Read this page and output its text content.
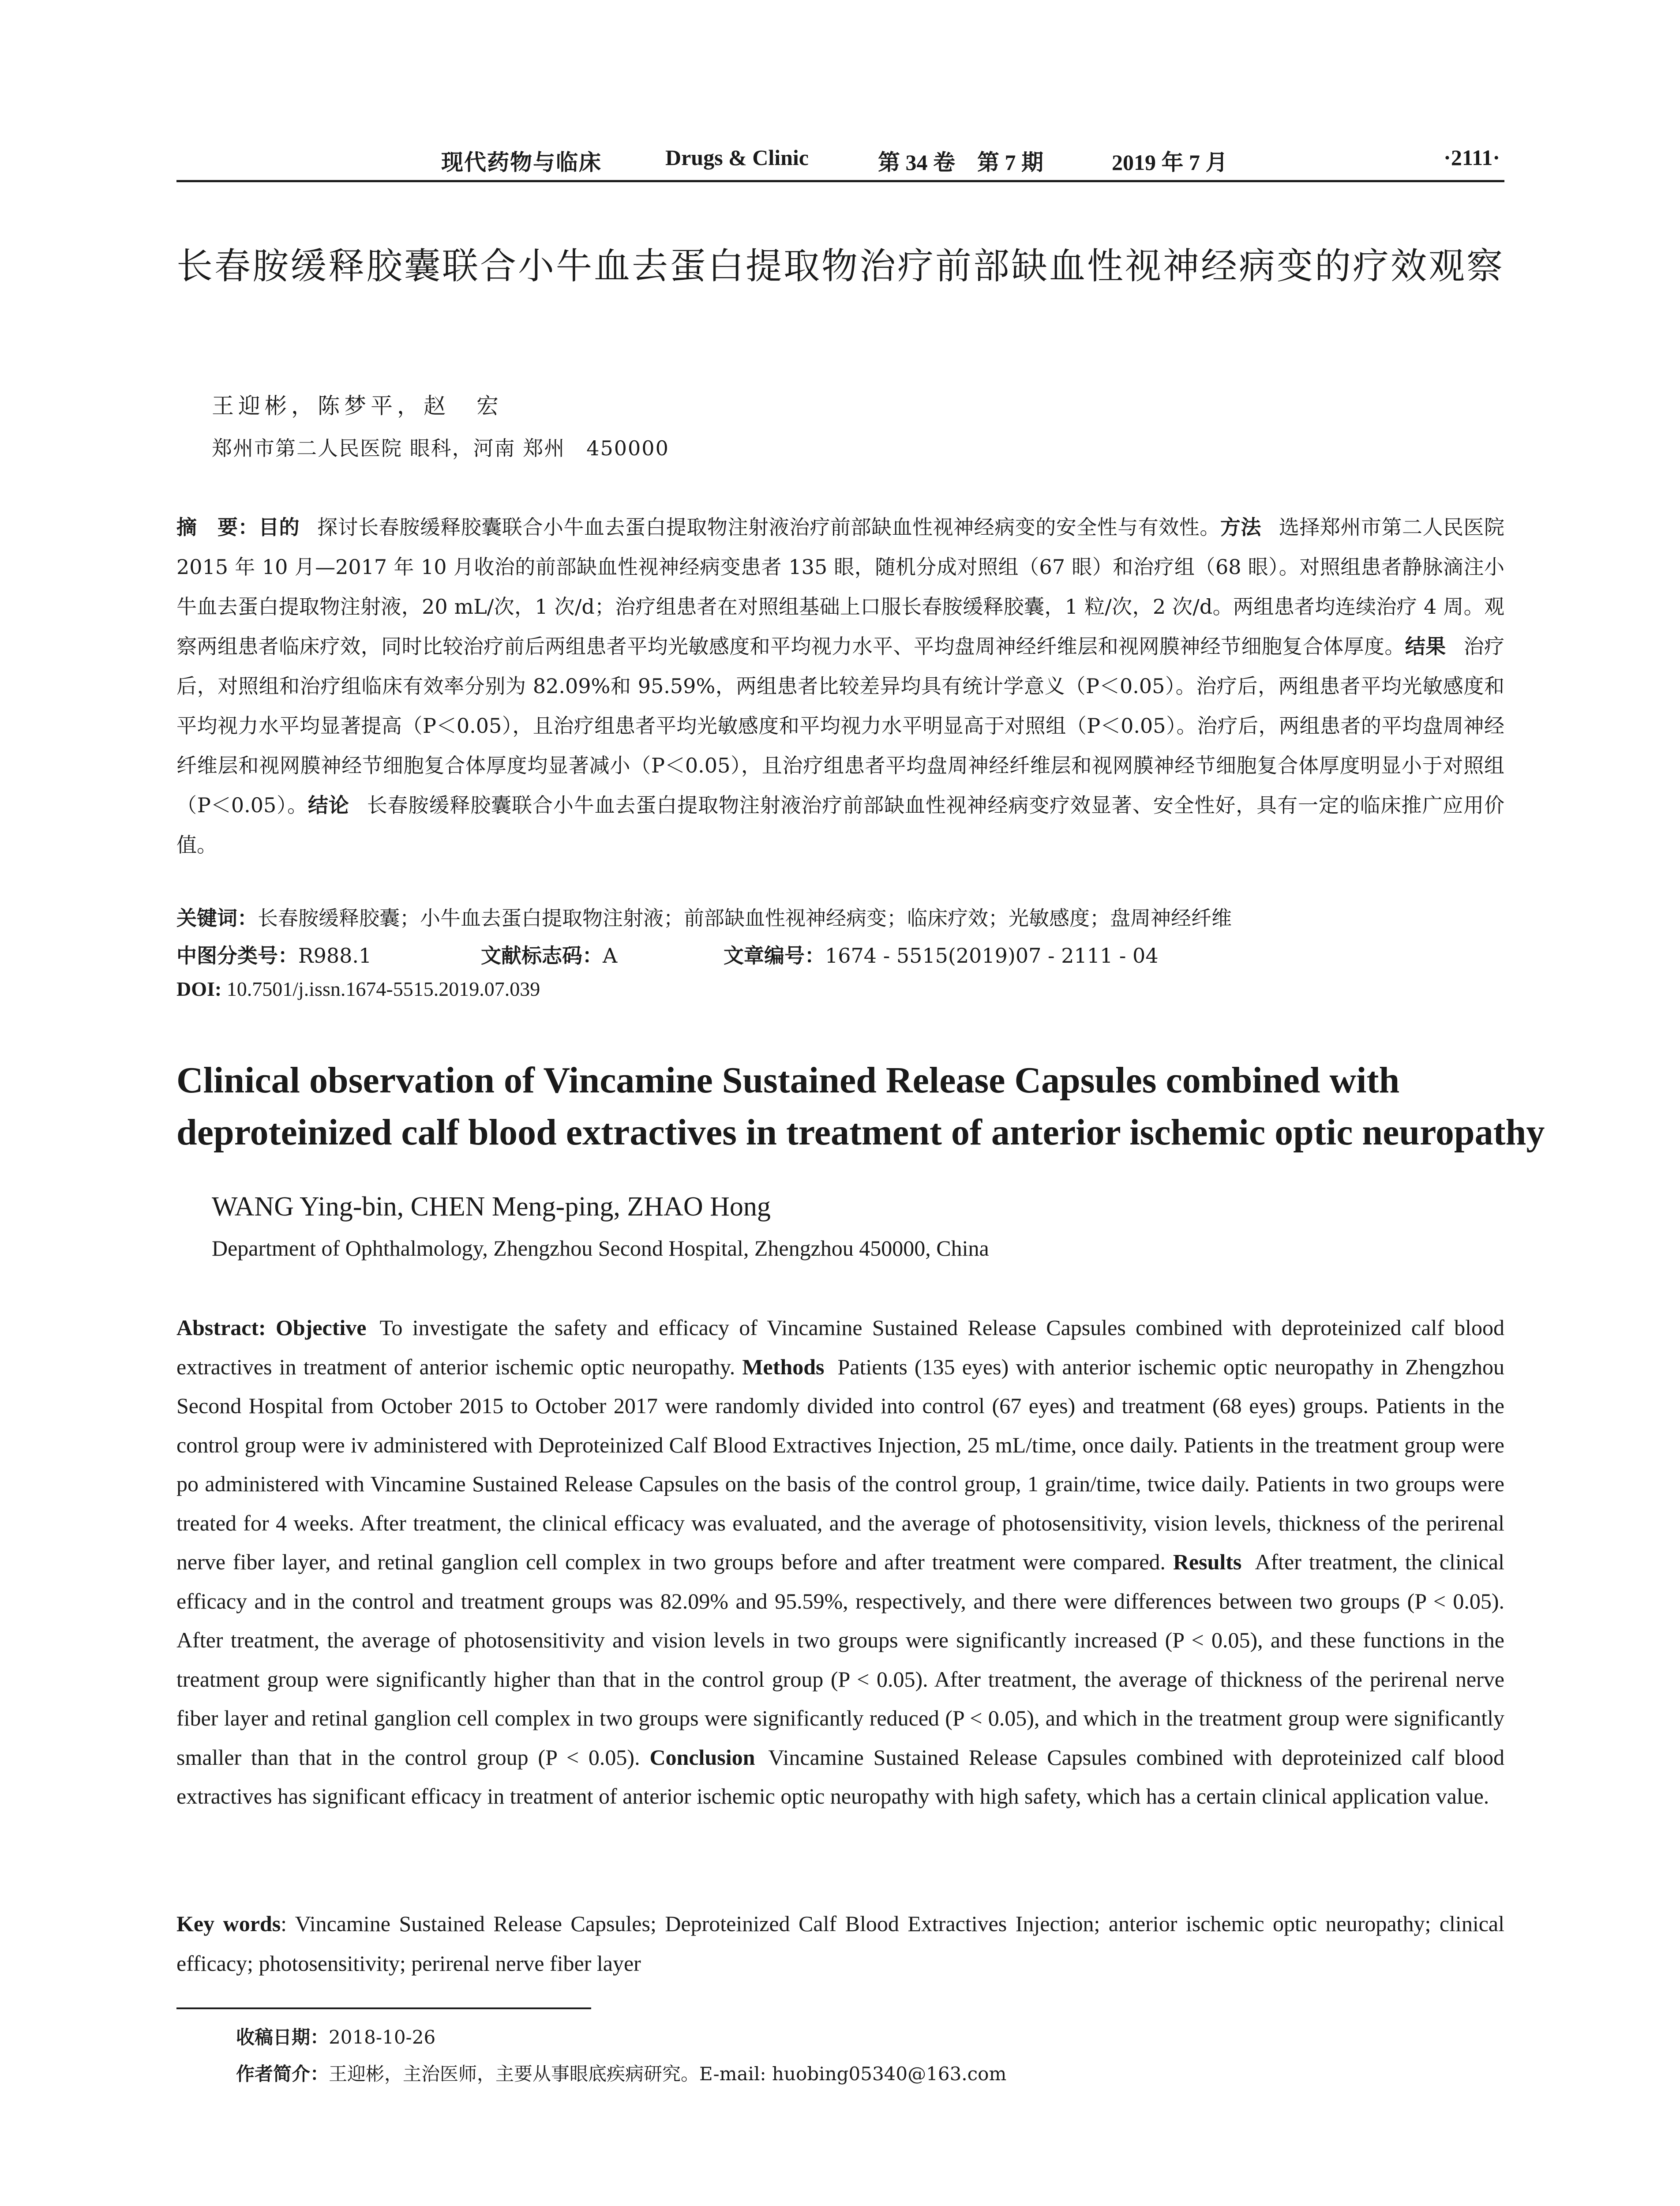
现代药物与临床	Drugs & Clinic	第 34 卷　第 7 期	2019 年 7 月	·2111·
长春胺缓释胶囊联合小牛血去蛋白提取物治疗前部缺血性视神经病变的疗效观察
王迎彬，陈梦平，赵　宏
郑州市第二人民医院 眼科，河南 郑州　450000
摘　要：目的 探讨长春胺缓释胶囊联合小牛血去蛋白提取物注射液治疗前部缺血性视神经病变的安全性与有效性。方法 选择郑州市第二人民医院 2015 年 10 月—2017 年 10 月收治的前部缺血性视神经病变患者 135 眼，随机分成对照组（67 眼）和治疗组（68 眼）。对照组患者静脉滴注小牛血去蛋白提取物注射液，20 mL/次，1 次/d；治疗组患者在对照组基础上口服长春胺缓释胶囊，1 粒/次，2 次/d。两组患者均连续治疗 4 周。观察两组患者临床疗效，同时比较治疗前后两组患者平均光敏感度和平均视力水平、平均盘周神经纤维层和视网膜神经节细胞复合体厚度。结果 治疗后，对照组和治疗组临床有效率分别为 82.09%和 95.59%，两组患者比较差异均具有统计学意义（P＜0.05）。治疗后，两组患者平均光敏感度和平均视力水平均显著提高（P＜0.05），且治疗组患者平均光敏感度和平均视力水平明显高于对照组（P＜0.05）。治疗后，两组患者的平均盘周神经纤维层和视网膜神经节细胞复合体厚度均显著减小（P＜0.05），且治疗组患者平均盘周神经纤维层和视网膜神经节细胞复合体厚度明显小于对照组（P＜0.05）。结论 长春胺缓释胶囊联合小牛血去蛋白提取物注射液治疗前部缺血性视神经病变疗效显著、安全性好，具有一定的临床推广应用价值。
关键词：长春胺缓释胶囊；小牛血去蛋白提取物注射液；前部缺血性视神经病变；临床疗效；光敏感度；盘周神经纤维
中图分类号：R988.1	文献标志码：A	文章编号：1674 - 5515(2019)07 - 2111 - 04
DOI: 10.7501/j.issn.1674-5515.2019.07.039
Clinical observation of Vincamine Sustained Release Capsules combined with
deproteinized calf blood extractives in treatment of anterior ischemic optic neuropathy
WANG Ying-bin, CHEN Meng-ping, ZHAO Hong
Department of Ophthalmology, Zhengzhou Second Hospital, Zhengzhou 450000, China
Abstract: Objective To investigate the safety and efficacy of Vincamine Sustained Release Capsules combined with deproteinized calf blood extractives in treatment of anterior ischemic optic neuropathy. Methods Patients (135 eyes) with anterior ischemic optic neuropathy in Zhengzhou Second Hospital from October 2015 to October 2017 were randomly divided into control (67 eyes) and treatment (68 eyes) groups. Patients in the control group were iv administered with Deproteinized Calf Blood Extractives Injection, 25 mL/time, once daily. Patients in the treatment group were po administered with Vincamine Sustained Release Capsules on the basis of the control group, 1 grain/time, twice daily. Patients in two groups were treated for 4 weeks. After treatment, the clinical efficacy was evaluated, and the average of photosensitivity, vision levels, thickness of the perirenal nerve fiber layer, and retinal ganglion cell complex in two groups before and after treatment were compared. Results After treatment, the clinical efficacy and in the control and treatment groups was 82.09% and 95.59%, respectively, and there were differences between two groups (P < 0.05). After treatment, the average of photosensitivity and vision levels in two groups were significantly increased (P < 0.05), and these functions in the treatment group were significantly higher than that in the control group (P < 0.05). After treatment, the average of thickness of the perirenal nerve fiber layer and retinal ganglion cell complex in two groups were significantly reduced (P < 0.05), and which in the treatment group were significantly smaller than that in the control group (P < 0.05). Conclusion Vincamine Sustained Release Capsules combined with deproteinized calf blood extractives has significant efficacy in treatment of anterior ischemic optic neuropathy with high safety, which has a certain clinical application value.
Key words: Vincamine Sustained Release Capsules; Deproteinized Calf Blood Extractives Injection; anterior ischemic optic neuropathy; clinical efficacy; photosensitivity; perirenal nerve fiber layer
收稿日期：2018-10-26
作者简介：王迎彬，主治医师，主要从事眼底疾病研究。E-mail: huobing05340@163.com
